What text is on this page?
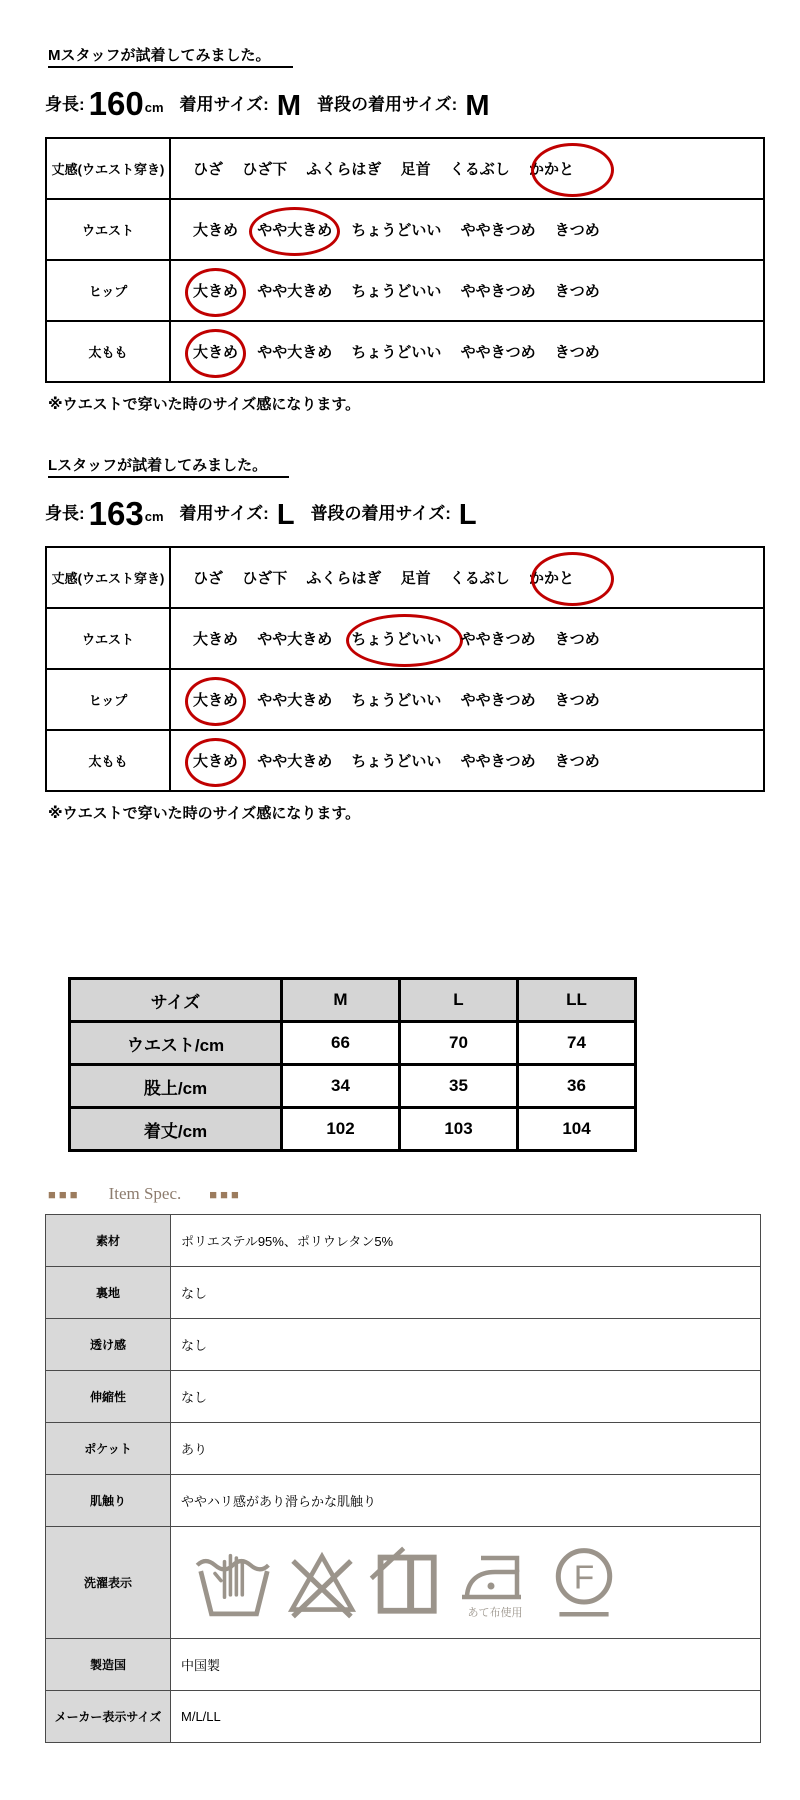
Mスタッフが試着してみました。
身長: 160 cm 着用サイズ: M 普段の着用サイズ: M
丈感(ウエスト穿き)	ひざ ひざ下 ふくらはぎ 足首 くるぶし かかと
ウエスト	大きめ やや大きめ ちょうどいい ややきつめ きつめ
ヒップ	大きめ やや大きめ ちょうどいい ややきつめ きつめ
太もも	大きめ やや大きめ ちょうどいい ややきつめ きつめ
※ウエストで穿いた時のサイズ感になります。
Lスタッフが試着してみました。
身長: 163 cm 着用サイズ: L 普段の着用サイズ: L
丈感(ウエスト穿き)	ひざ ひざ下 ふくらはぎ 足首 くるぶし かかと
ウエスト	大きめ やや大きめ ちょうどいい ややきつめ きつめ
ヒップ	大きめ やや大きめ ちょうどいい ややきつめ きつめ
太もも	大きめ やや大きめ ちょうどいい ややきつめ きつめ
※ウエストで穿いた時のサイズ感になります。
サイズ	M	L	LL
ウエスト/cm	66	70	74
股上/cm	34	35	36
着丈/cm	102	103	104
■■■ Item Spec. ■■■
素材	ポリエステル95%、ポリウレタン5%
裏地	なし
透け感	なし
伸縮性	なし
ポケット	あり
肌触り	ややハリ感があり滑らかな肌触り
洗濯表示	あて布使用
F

製造国	中国製
メーカー表示サイズ	M/L/LL
